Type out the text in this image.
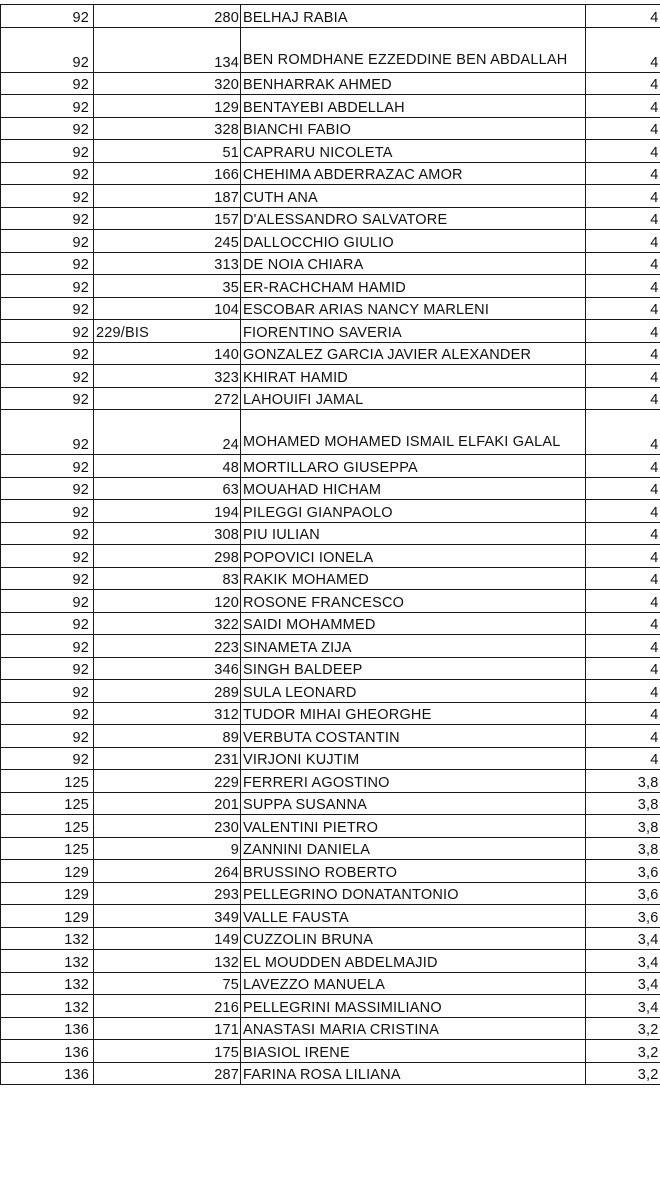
92		280	BELHAJ RABIA	4
92		134	BEN ROMDHANE EZZEDDINE BEN ABDALLAH	4
92		320	BENHARRAK AHMED	4
92		129	BENTAYEBI ABDELLAH	4
92		328	BIANCHI FABIO	4
92		51	CAPRARU NICOLETA	4
92		166	CHEHIMA ABDERRAZAC AMOR	4
92		187	CUTH ANA	4
92		157	D'ALESSANDRO SALVATORE	4
92		245	DALLOCCHIO GIULIO	4
92		313	DE NOIA CHIARA	4
92		35	ER-RACHCHAM HAMID	4
92		104	ESCOBAR ARIAS NANCY MARLENI	4
92	229/BIS		FIORENTINO SAVERIA	4
92		140	GONZALEZ GARCIA JAVIER ALEXANDER	4
92		323	KHIRAT HAMID	4
92		272	LAHOUIFI JAMAL	4
92		24	MOHAMED MOHAMED ISMAIL ELFAKI GALAL	4
92		48	MORTILLARO GIUSEPPA	4
92		63	MOUAHAD HICHAM	4
92		194	PILEGGI GIANPAOLO	4
92		308	PIU IULIAN	4
92		298	POPOVICI IONELA	4
92		83	RAKIK MOHAMED	4
92		120	ROSONE FRANCESCO	4
92		322	SAIDI MOHAMMED	4
92		223	SINAMETA ZIJA	4
92		346	SINGH BALDEEP	4
92		289	SULA LEONARD	4
92		312	TUDOR MIHAI GHEORGHE	4
92		89	VERBUTA COSTANTIN	4
92		231	VIRJONI KUJTIM	4
125		229	FERRERI AGOSTINO	3,8
125		201	SUPPA SUSANNA	3,8
125		230	VALENTINI PIETRO	3,8
125		9	ZANNINI DANIELA	3,8
129		264	BRUSSINO ROBERTO	3,6
129		293	PELLEGRINO DONATANTONIO	3,6
129		349	VALLE FAUSTA	3,6
132		149	CUZZOLIN BRUNA	3,4
132		132	EL MOUDDEN ABDELMAJID	3,4
132		75	LAVEZZO MANUELA	3,4
132		216	PELLEGRINI MASSIMILIANO	3,4
136		171	ANASTASI MARIA CRISTINA	3,2
136		175	BIASIOL IRENE	3,2
136		287	FARINA ROSA LILIANA	3,2
